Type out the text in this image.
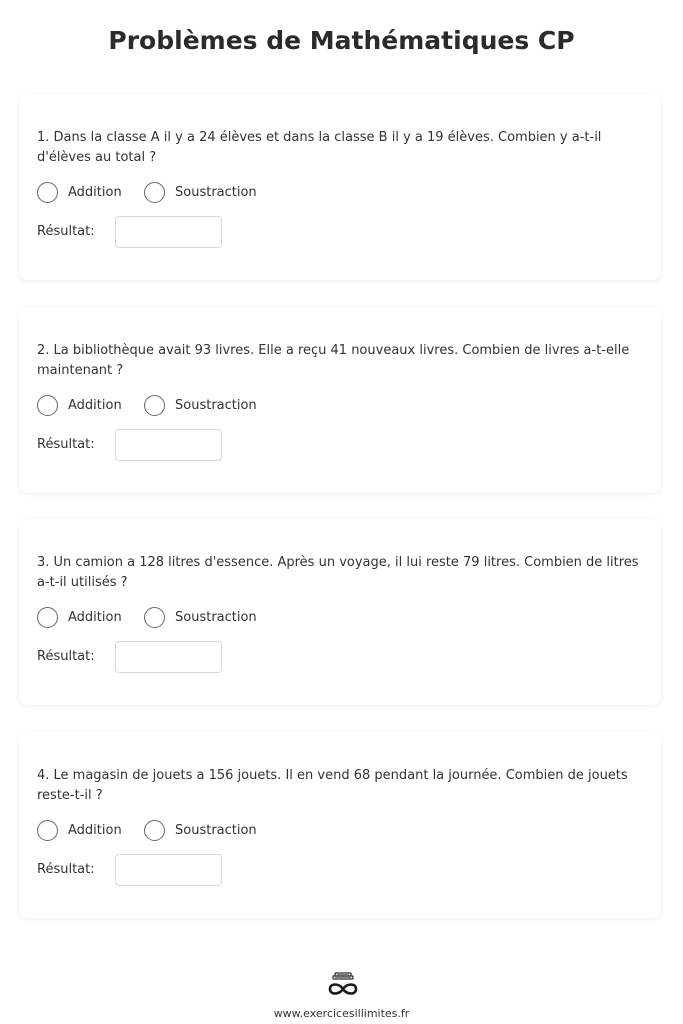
Problèmes de Mathématiques CP
1. Dans la classe A il y a 24 élèves et dans la classe B il y a 19 élèves. Combien y a-t-il d'élèves au total ?
Addition	Soustraction
Résultat:
2. La bibliothèque avait 93 livres. Elle a reçu 41 nouveaux livres. Combien de livres a-t-elle maintenant ?
Addition	Soustraction
Résultat:
3. Un camion a 128 litres d'essence. Après un voyage, il lui reste 79 litres. Combien de litres a-t-il utilisés ?
Addition	Soustraction
Résultat:
4. Le magasin de jouets a 156 jouets. Il en vend 68 pendant la journée. Combien de jouets reste-t-il ?
Addition	Soustraction
Résultat:
www.exercicesillimites.fr
